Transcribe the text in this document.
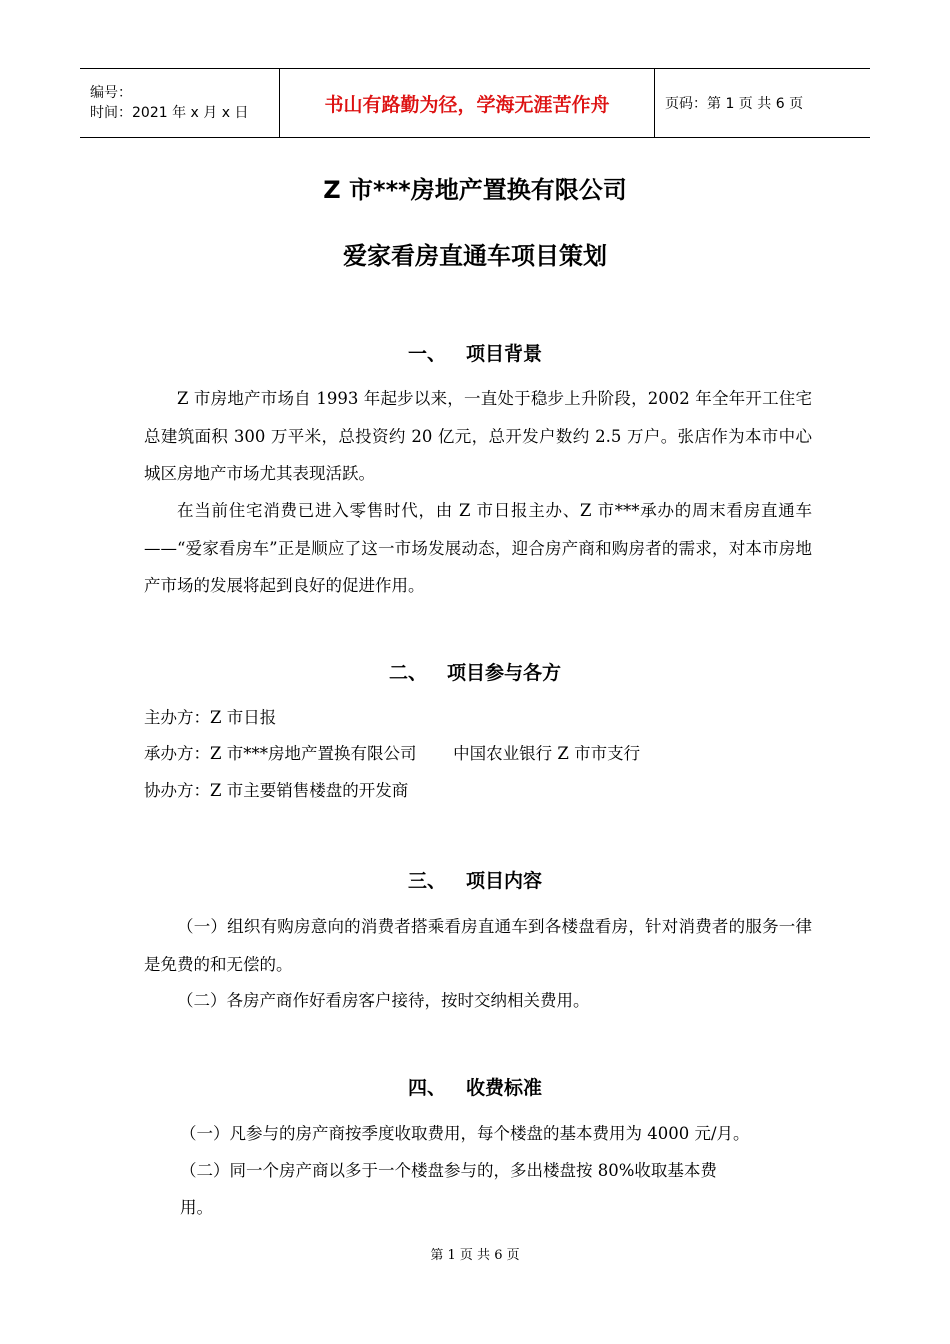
编号：
时间：2021 年 x 月 x 日	书山有路勤为径，学海无涯苦作舟	页码：第 1 页 共 6 页
Z 市***房地产置换有限公司
爱家看房直通车项目策划
一、 项目背景
Z 市房地产市场自 1993 年起步以来，一直处于稳步上升阶段，2002 年全年开工住宅总建筑面积 300 万平米，总投资约 20 亿元，总开发户数约 2.5 万户。张店作为本市中心城区房地产市场尤其表现活跃。
在当前住宅消费已进入零售时代，由 Z 市日报主办、Z 市***承办的周末看房直通车——“爱家看房车”正是顺应了这一市场发展动态，迎合房产商和购房者的需求，对本市房地产市场的发展将起到良好的促进作用。
二、 项目参与各方
主办方：Z 市日报
承办方：Z 市***房地产置换有限公司       中国农业银行 Z 市市支行
协办方：Z 市主要销售楼盘的开发商
三、 项目内容
（一）组织有购房意向的消费者搭乘看房直通车到各楼盘看房，针对消费者的服务一律是免费的和无偿的。
（二）各房产商作好看房客户接待，按时交纳相关费用。
四、 收费标准
（一）凡参与的房产商按季度收取费用，每个楼盘的基本费用为 4000 元/月。
（二）同一个房产商以多于一个楼盘参与的，多出楼盘按 80%收取基本费
用。
第 1 页 共 6 页
